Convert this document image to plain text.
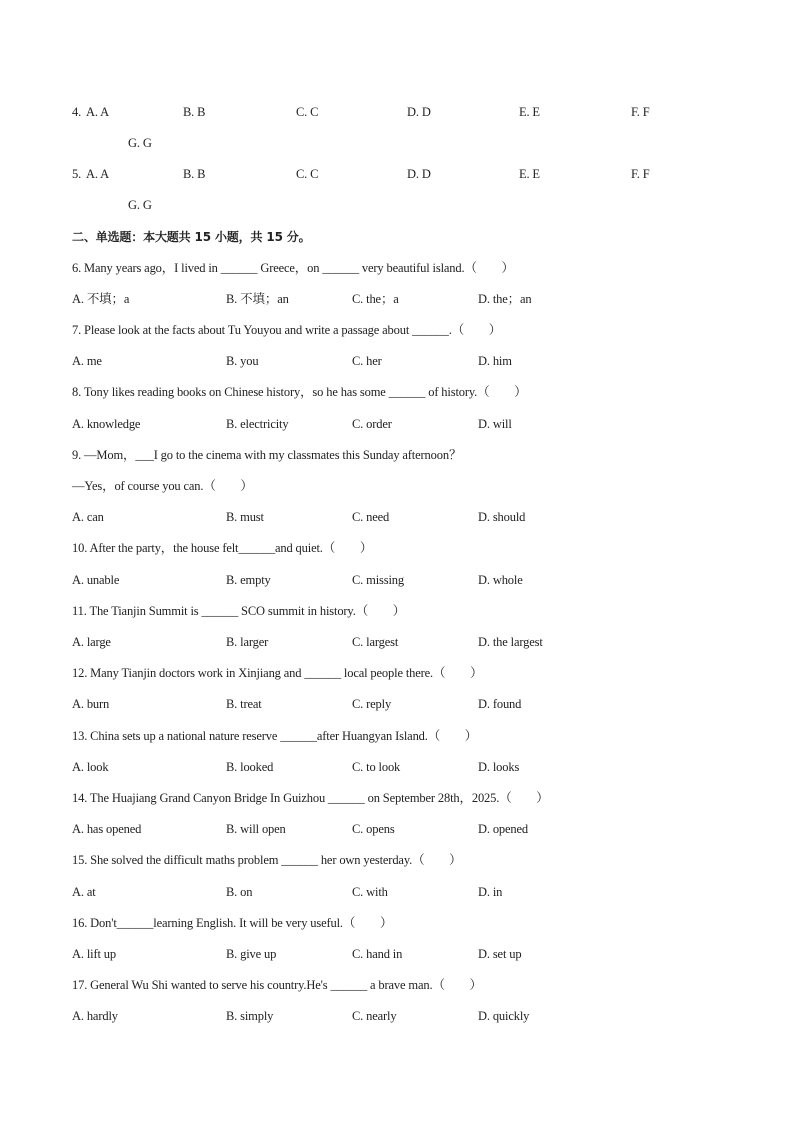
4. A. A	B. B	C. C	D. D	E. E	F. F
G. G
5. A. A	B. B	C. C	D. D	E. E	F. F
G. G
二、单选题：本大题共 15 小题，共 15 分。
6. Many years ago，I lived in ______ Greece，on ______ very beautiful island.（　　）
A. 不填；a	B. 不填；an	C. the；a	D. the；an
7. Please look at the facts about Tu Youyou and write a passage about ______.（　　）
A. me	B. you	C. her	D. him
8. Tony likes reading books on Chinese history，so he has some ______ of history.（　　）
A. knowledge	B. electricity	C. order	D. will
9. —Mom，___I go to the cinema with my classmates this Sunday afternoon？
—Yes，of course you can.（　　）
A. can	B. must	C. need	D. should
10. After the party，the house felt______and quiet.（　　）
A. unable	B. empty	C. missing	D. whole
11. The Tianjin Summit is ______ SCO summit in history.（　　）
A. large	B. larger	C. largest	D. the largest
12. Many Tianjin doctors work in Xinjiang and ______ local people there.（　　）
A. burn	B. treat	C. reply	D. found
13. China sets up a national nature reserve ______after Huangyan Island.（　　）
A. look	B. looked	C. to look	D. looks
14. The Huajiang Grand Canyon Bridge In Guizhou ______ on September 28th，2025.（　　）
A. has opened	B. will open	C. opens	D. opened
15. She solved the difficult maths problem ______ her own yesterday.（　　）
A. at	B. on	C. with	D. in
16. Don't______learning English. It will be very useful.（　　）
A. lift up	B. give up	C. hand in	D. set up
17. General Wu Shi wanted to serve his country.He's ______ a brave man.（　　）
A. hardly	B. simply	C. nearly	D. quickly
